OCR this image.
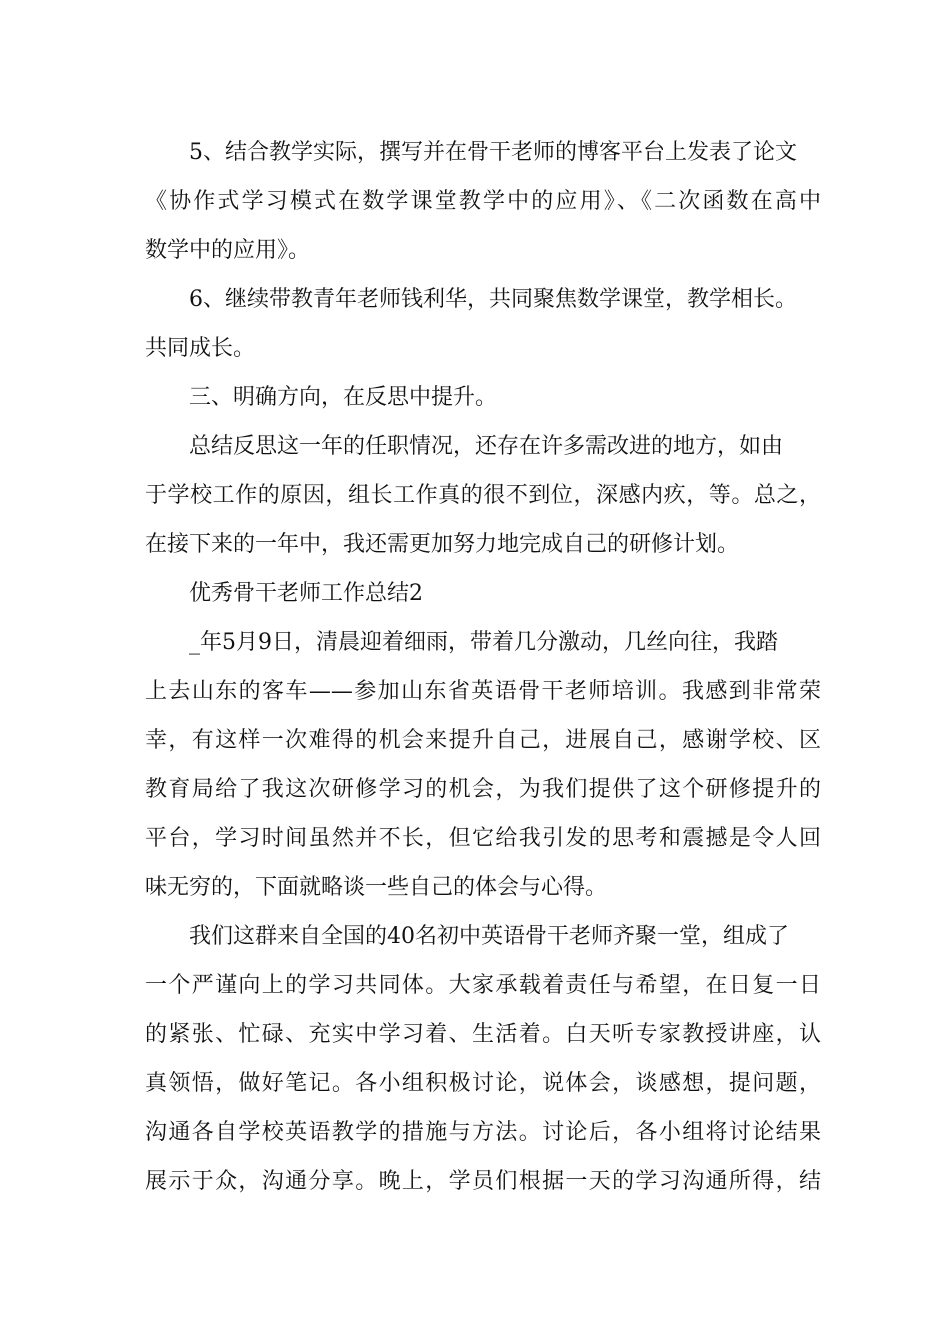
5、结合教学实际，撰写并在骨干老师的博客平台上发表了论文

《协作式学习模式在数学课堂教学中的应用》、《二次函数在高中

数学中的应用》。

6、继续带教青年老师钱利华，共同聚焦数学课堂，教学相长。

共同成长。

三、明确方向，在反思中提升。

总结反思这一年的任职情况，还存在许多需改进的地方，如由

于学校工作的原因，组长工作真的很不到位，深感内疚，等。总之，

在接下来的一年中，我还需更加努力地完成自己的研修计划。

优秀骨干老师工作总结2

_年5月9日，清晨迎着细雨，带着几分激动，几丝向往，我踏

上去山东的客车——参加山东省英语骨干老师培训。我感到非常荣

幸，有这样一次难得的机会来提升自己，进展自己，感谢学校、区

教育局给了我这次研修学习的机会，为我们提供了这个研修提升的

平台，学习时间虽然并不长，但它给我引发的思考和震撼是令人回

味无穷的，下面就略谈一些自己的体会与心得。

我们这群来自全国的40名初中英语骨干老师齐聚一堂，组成了

一个严谨向上的学习共同体。大家承载着责任与希望，在日复一日

的紧张、忙碌、充实中学习着、生活着。白天听专家教授讲座，认

真领悟，做好笔记。各小组积极讨论，说体会，谈感想，提问题，

沟通各自学校英语教学的措施与方法。讨论后，各小组将讨论结果

展示于众，沟通分享。晚上，学员们根据一天的学习沟通所得，结
